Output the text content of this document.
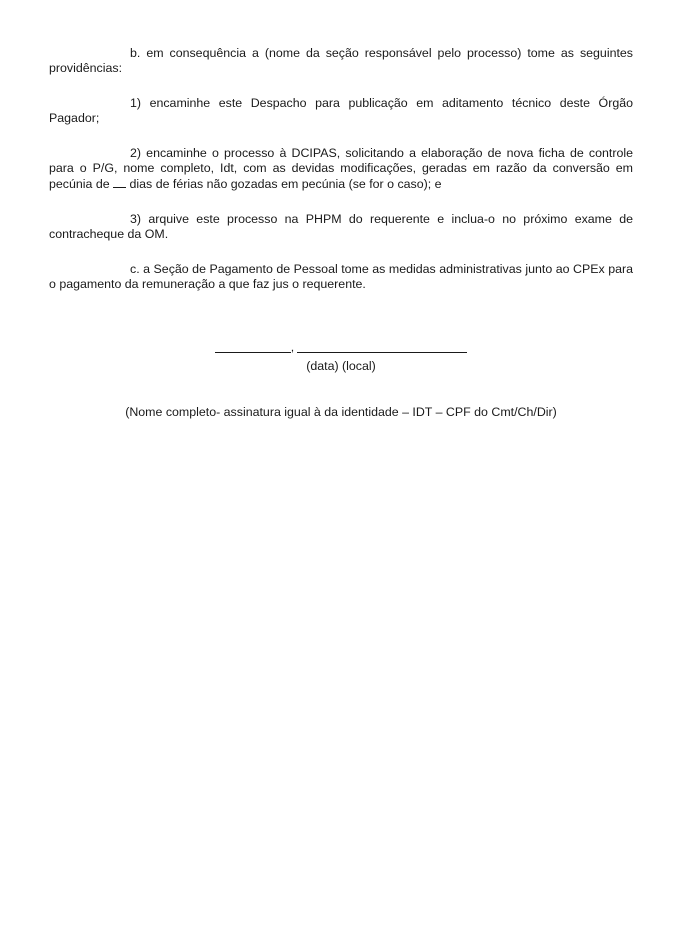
b. em consequência a (nome da seção responsável pelo processo) tome as seguintes providências:

1) encaminhe este Despacho para publicação em aditamento técnico deste Órgão Pagador;

2) encaminhe o processo à DCIPAS, solicitando a elaboração de nova ficha de controle para o P/G, nome completo, Idt, com as devidas modificações, geradas em razão da conversão em pecúnia de  dias de férias não gozadas em pecúnia (se for o caso); e

3) arquive este processo na PHPM do requerente e inclua-o no próximo exame de contracheque da OM.

c. a Seção de Pagamento de Pessoal tome as medidas administrativas junto ao CPEx para o pagamento da remuneração a que faz jus o requerente.

,
(data) (local)
(Nome completo- assinatura igual à da identidade – IDT – CPF do Cmt/Ch/Dir)
